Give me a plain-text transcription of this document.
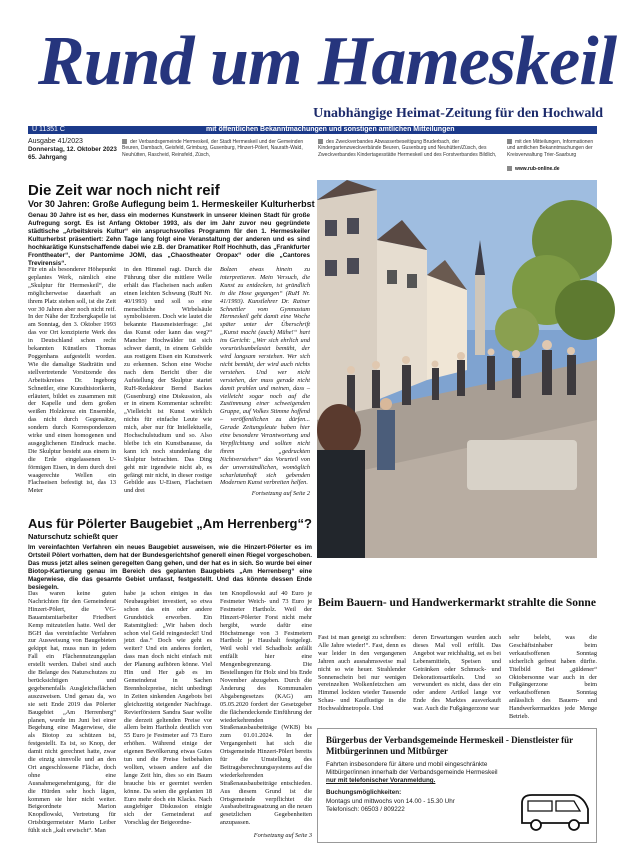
Rund um Hameskeil
Unabhängige Heimat-Zeitung für den Hochwald
U 11351 C	mit öffentlichen Bekanntmachungen und sonstigen amtlichen Mitteilungen
Ausgabe 41/2023
Donnerstag, 12. Oktober 2023
65. Jahrgang
der Verbandsgemeinde Hermeskeil, der Stadt Hermeskeil und der Gemeinden Beuren, Dambach, Geisfeld, Grimburg, Gusenburg, Hinzert-Pölert, Naurath-Wald, Neuhütten, Rascheid, Reinsfeld, Züsch,
des Zweckverbandes Abwasserbeseitigung Bruderbach, der Kindergartenzweckverbände Beuren, Gusenburg und Neuhütten/Züsch, des Zweckverbandes Kindertagesstätte Hermeskeil und des Forstverbandes Bildlich,
mit den Mitteilungen, Informationen und amtlichen Bekanntmachungen der Kreisverwaltung Trier-Saarburg
www.rub-online.de
Die Zeit war noch nicht reif
Vor 30 Jahren: Große Auflegung beim 1. Hermeskeiler Kulturherbst
Genau 30 Jahre ist es her, dass ein modernes Kunstwerk in unserer kleinen Stadt für große Aufregung sorgt. Es ist Anfang Oktober 1993, als der im Jahr zuvor neu gegründete städtische „Arbeitskreis Kultur“ ein anspruchsvolles Programm für den 1. Hermeskeiler Kulturherbst präsentiert: Zehn Tage lang folgt eine Veranstaltung der anderen und es sind hochkarätige Kunstschaffende dabei wie z.B. der Dramatiker Rolf Hochhuth, das „Frankfurter Fronttheater“, der Pantomime JOMI, das „Chaostheater Oropax“ oder die „Cantores Trevirensis“.
Für ein als besonderer Höhepunkt geplantes Werk, nämlich eine „Skulptur für Hermeskeil“, die möglicherweise dauerhaft an ihrem Platz stehen soll, ist die Zeit vor 30 Jahren aber noch nicht reif. In der Nähe der Erzbergkapelle ist am Sonntag, den 3. Oktober 1993 das vor Ort konzipierte Werk des in Deutschland schon recht bekannten Künstlers Thomas Poggenhans aufgestellt worden. Wie die damalige Stadträtin und stellvertretende Vorsitzende des Arbeitskreises Dr. Ingeborg Schnettler, eine Kunsthistorikerin, erläutert, bildet es zusammen mit der Kapelle und dem großen weißen Holzkreuz ein Ensemble, das nicht durch Gegensätze, sondern durch Korrespondenzen wirke und einen homogenen und ausgeglichenen Eindruck mache. Die Skulptur besteht aus einem in die Erde eingelassenen U-förmigen Eisen, in dem durch drei waagerechte Wellen ein Flachseisen befestigt ist, das 13 Meter
in den Himmel ragt. Durch die Führung über die mittlere Welle erhält das Flacheisen nach außen einen leichten Schwung (RuH Nr. 40/1993) und soll so eine menschliche Wirbelsäule symbolisieren. Doch wie lautet die bekannte Hausmeisterfrage: „Ist das Kunst oder kann das weg?“ Mancher Hochwälder tut sich schwer damit, in einem Gebilde aus rostigem Eisen ein Kunstwerk zu erkennen. Schon eine Woche nach dem Bericht über die Aufstellung der Skulptur startet RuH-Redakteur Bernd Backes (Gusenburg) eine Diskussion, als er in einem Kommentar schreibt: „Vielleicht ist Kunst wirklich nichts für einfache Leute wie mich, aber nur für Intellektuelle, Hochschulstudium und so. Also bleibe ich ein Kunstbanause, da kann ich noch stundenlang die Skulptur betrachten. Das Ding geht mir irgendwie nicht ab, es gefängt mir nicht, in dieser rostige Gebilde aus U-Eisen, Flacheisen und drei
Bolzen etwas hinein zu interpretieren. Mein Versuch, die Kunst zu entdecken, ist gründlich in die Hose gegangen“ (RuH Nr. 41/1993). Kunstlehrer Dr. Rainer Schnettler vom Gymnasium Hermeskeil geht damit eine Woche später unter der Überschrift „Kunst macht (auch) Mühe!“ hart ins Gericht: „Wer sich ehrlich und vorurteilsunbelastet bemüht, der wird langsam verstehen. Wer sich nicht bemüht, der wird auch nichts verstehen. Und wer nicht verstehen, der muss gerade nicht damit prahlen und meinen, dass – vielleicht sogar noch auf die Zustimmung einer schweigenden Gruppe, auf Volkes Stimme hoffend – veröffentlichen zu dürfen... Gerade Zeitungsleute haben hier eine besondere Verantwortung und Verpflichtung und sollten nicht ihrem „gedruckten Nichtverstehen“ das Vorurteil von der unverständlichen, womöglich scharlatanhaft sich gebenden Modernen Kunst verbreiten helfen.
Fortsetzung auf Seite 2
Aus für Pölerter Baugebiet „Am Herrenberg“?
Naturschutz schießt quer
Im vereinfachten Verfahren ein neues Baugebiet ausweisen, wie die Hinzert-Pölerter es im Ortsteil Pölert vorhatten, dem hat der Bundesgerichtshof generell einen Riegel vorgeschoben. Das muss jetzt alles seinen geregelten Gang gehen, und der hat es in sich. So wurde bei einer Biotop-Kartierung genau im Bereich des geplanten Baugebiets „Am Herrenberg“ eine Magerwiese, die das gesamte Gebiet umfasst, festgestellt. Und das könnte dessen Ende besiegeln.
Das waren keine guten Nachrichten für den Gemeinderat Hinzert-Pölert, die VG-Bauamtsmitarbeiter Friedbert Kemp mitzuteilen hatte. Weil der BGH das vereinfachte Verfahren zur Ausweisung von Baugebieten gekippt hat, muss nun in jedem Fall ein Flächennutzungsplan erstellt werden. Dabei sind auch die Belange des Naturschutzes zu berücksichtigen und gegebenenfalls Ausgleichsflächen auszuweisen. Und genau da, wo sie seit Ende 2019 das Pölerter Baugebiet „Am Herrenberg“ planen, wurde im Juni bei einer Begehung eine Magerwiese, die als Biotop zu schützen ist, festgestellt. Es ist, so Knop, der damit nicht gerechnet hatte, zwar die einzig sinnvolle und an den Ort angeschlossene Fläche, doch ohne eine Ausnahmegenehmigung, für die die Hürden sehr hoch lägen, kommen sie hier nicht weiter. Beigeordnete Marion Knopdlowski, Vertretung für Ortsbürgermeister Mario Leiber fühlt sich „kalt erwischt“. Man
habe ja schon einiges in das Neubaugebiet investiert, so etwa schon das ein oder andere Grundstück erworben. Ein Ratsmitglied: „Wir haben doch schon viel Geld reingesteckt! Und jetzt das.“ Doch wie geht es weiter? Und ein anderes fordert, dass man doch nicht einfach mit der Planung aufhören könne. Viel Hin und Her gab es im Gemeinderat in Sachen Brennholzpreise, nicht unbedingt in Zeiten sinkenden Angebots bei gleichzeitig steigender Nachfrage. Revierförstern Sandra Saar wollte die derzeit geltenden Preise vor allem beim Hartholz deutlich von 55 Euro je Festmeter auf 73 Euro erhöhen. Während einige der eigenen Bevölkerung etwas Gutes tun und die Preise beibehalten wollten, wissen andere auf die lange Zeit hin, dies so ein Baum brauche bis er geerntet werden könne. Da seien die geplanten 18 Euro mehr doch ein Klacks. Nach ausgiebiger Diskussion einigte sich der Gemeinderat auf Vorschlag der Beigeordne-
ten Knopdlowski auf 40 Euro je Festmeter Weich- und 73 Euro je Festmeter Hartholz. Weil der Hinzert-Pölerter Forst nicht mehr hergibt, wurde dafür eine Höchstmenge von 3 Festmetern Hartholz je Haushalt festgelegt. Weil wohl viel Schadholz anfällt entfällt hier eine Mengenbegrenzung. Die Bestellungen für Holz sind bis Ende November abzugeben. Durch die Änderung des Kommunalen Abgabengesetzes (KAG) am 05.05.2020 fordert der Gesetzgeber die flächendeckende Einführung der wiederkehrenden Straßenausbaubeiträge (WKB) bis zum 01.01.2024. In der Vergangenheit hat sich die Ortsgemeinde Hinzert-Pölert bereits für die Umstellung des Beitragsberechnungssystems auf die wiederkehrenden Straßenausbaubeiträge entschieden. Aus diesem Grund ist die Ortsgemeinde verpflichtet die Ausbaubeitragssatzung an die neuen gesetzlichen Gegebenheiten anzupassen.
Fortsetzung auf Seite 3
Beim Bauern- und Handwerkermarkt strahlte die Sonne
Fast ist man geneigt zu schreiben: Alle Jahre wieder!“. Fast, denn es war leider in den vergangenen Jahren auch ausnahmsweise mal nicht so wie heuer. Strahlender Sonnenschein bei nur wenigen vereinzelten Wolkenfetzchen am Himmel lockten wieder Tausende Schau- und Kauflustige in die Hochwaldmetropole. Und
deren Erwartungen wurden auch dieses Mal voll erfüllt. Das Angebot war reichhaltig, sei es bei Lebensmitteln, Speisen und Getränken oder Schmuck- und Dekorationsartikeln. Und so verwundert es nicht, dass der ein oder andere Artikel lange vor Ende des Marktes ausverkauft war. Auch die Fußgängerzone war
sehr belebt, was die Geschäftsinhaber beim verkaufsoffenen Sonntag sicherlich gefreut haben dürfte. Titelbild Bei „güldener“ Oktobersonne war auch in der Fußgängerzone beim verkaufsoffenen Sonntag anlässlich des Bauern- und Handwerkermarktes jede Menge Betrieb.
Bürgerbus der Verbandsgemeinde Hermeskeil - Dienstleister für Mitbürgerinnen und Mitbürger
Fahrten insbesondere für ältere und mobil eingeschränkte Mitbürger/innen innerhalb der Verbandsgemeinde Hermeskeil nur mit telefonischer Voranmeldung.
Buchungsmöglichkeiten:
Montags und mittwochs von 14.00 - 15.30 Uhr
Telefonisch: 06503 / 809222
